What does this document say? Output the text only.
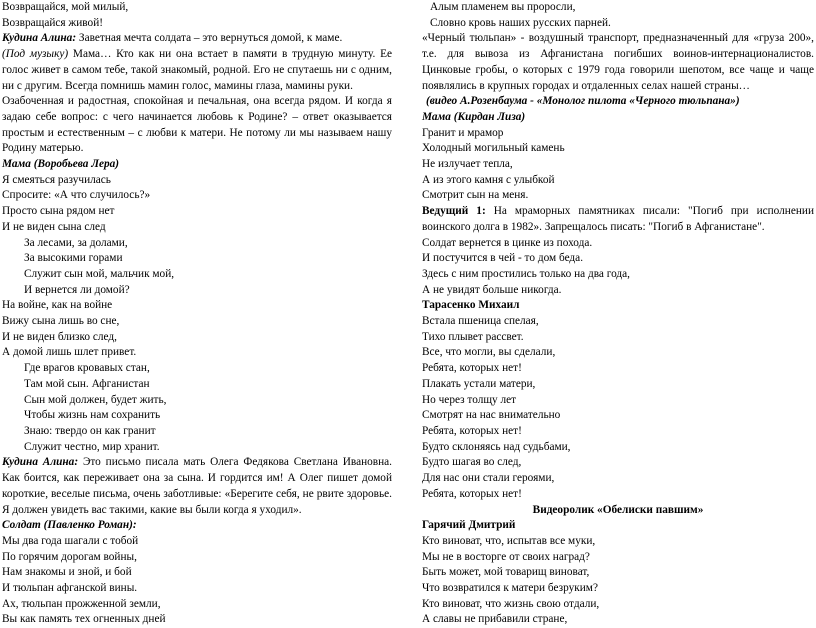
Возвращайся, мой милый,
Возвращайся живой!
Кудина Алина: Заветная мечта солдата – это вернуться домой, к маме.
(Под музыку) Мама… Кто как ни она встает в памяти в трудную минуту. Ее голос живет в самом тебе, такой знакомый, родной. Его не спутаешь ни с одним, ни с другим. Всегда помнишь мамин голос, мамины глаза, мамины руки.
Озабоченная и радостная, спокойная и печальная, она всегда рядом. И когда я задаю себе вопрос: с чего начинается любовь к Родине? – ответ оказывается простым и естественным – с любви к матери. Не потому ли мы называем нашу Родину матерью.
Мама (Воробьева Лера)
Я смеяться разучилась
Спросите: «А что случилось?»
Просто сына рядом нет
И не виден сына след
За лесами, за долами,
За высокими горами
Служит сын мой, мальчик мой,
И вернется ли домой?
На войне, как на войне
Вижу сына лишь во сне,
И не виден близко след,
А домой лишь шлет привет.
Где врагов кровавых стан,
Там мой сын. Афганистан
Сын мой должен, будет жить,
Чтобы жизнь нам сохранить
Знаю: твердо он как гранит
Служит честно, мир хранит.
Кудина Алина: Это письмо писала мать Олега Федякова Светлана Ивановна. Как боится, как переживает она за сына. И гордится им! А Олег пишет домой короткие, веселые письма, очень заботливые: «Берегите себя, не рвите здоровье. Я должен увидеть вас такими, какие вы были когда я уходил».
Солдат (Павленко Роман):
Мы два года шагали с тобой
По горячим дорогам войны,
Нам знакомы и зной, и бой
И тюльпан афганской вины.
Ах, тюльпан прожженной земли,
Вы как память тех огненных дней
Алым пламенем вы проросли,
Словно кровь наших русских парней.
«Черный тюльпан» - воздушный транспорт, предназначенный для «груза 200», т.е. для вывоза из Афганистана погибших воинов-интернационалистов. Цинковые гробы, о которых с 1979 года говорили шепотом, все чаще и чаще появлялись в крупных городах и отдаленных селах нашей страны…
(видео А.Розенбаума - «Монолог пилота «Черного тюльпана»)
Мама (Кирдан Лиза)
Гранит и мрамор
Холодный могильный камень
Не излучает тепла,
А из этого камня с улыбкой
Смотрит сын на меня.
Ведущий 1: На мраморных памятниках писали: "Погиб при исполнении воинского долга в 1982». Запрещалось писать: "Погиб в Афганистане".
Солдат вернется в цинке из похода.
И постучится в чей - то дом беда.
Здесь с ним простились только на два года,
А не увидят больше никогда.
Тарасенко Михаил
Встала пшеница спелая,
Тихо плывет рассвет.
Все, что могли, вы сделали,
Ребята, которых нет!
Плакать устали матери,
Но через толщу лет
Смотрят на нас внимательно
Ребята, которых нет!
Будто склоняясь над судьбами,
Будто шагая во след,
Для нас они стали героями,
Ребята, которых нет!
Видеоролик «Обелиски павшим»
Гарячий Дмитрий
Кто виноват, что, испытав все муки,
Мы не в восторге от своих наград?
Быть может, мой товарищ виноват,
Что возвратился к матери безруким?
Кто виноват, что жизнь свою отдали,
А славы не прибавили стране,
